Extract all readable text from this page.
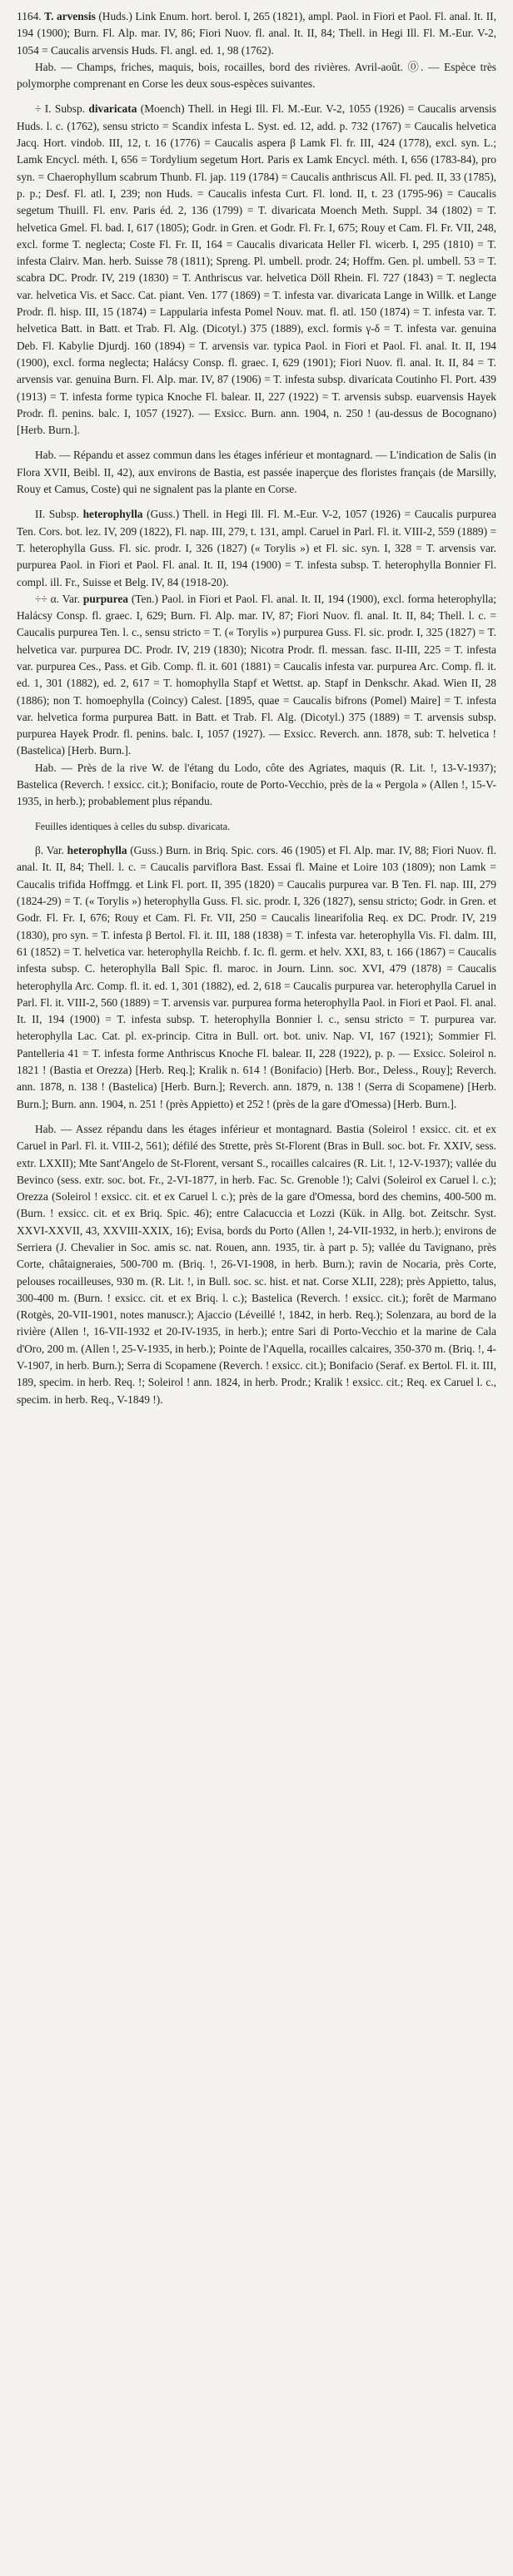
1164. T. arvensis (Huds.) Link Enum. hort. berol. I, 265 (1821), ampl. Paol. in Fiori et Paol. Fl. anal. It. II, 194 (1900); Burn. Fl. Alp. mar. IV, 86; Fiori Nuov. fl. anal. It. II, 84; Thell. in Hegi Ill. Fl. M.-Eur. V-2, 1054 = Caucalis arvensis Huds. Fl. angl. ed. 1, 98 (1762).

Hab. — Champs, friches, maquis, bois, rocailles, bord des rivières. Avril-août. ⓪. — Espèce très polymorphe comprenant en Corse les deux sous-espèces suivantes.

÷ I. Subsp. divaricata (Moench) Thell. in Hegi Ill. Fl. M.-Eur. V-2, 1055 (1926) = Caucalis arvensis Huds. l. c. (1762), sensu stricto = Scandix infesta L. Syst. ed. 12, add. p. 732 (1767) = Caucalis helvetica Jacq. Hort. vindob. III, 12, t. 16 (1776) = Caucalis aspera β Lamk Fl. fr. III, 424 (1778), excl. syn. L.; Lamk Encycl. méth. I, 656 = Tordylium segetum Hort. Paris ex Lamk Encycl. méth. I, 656 (1783-84), pro syn. = Chaerophyllum scabrum Thunb. Fl. jap. 119 (1784) = Caucalis anthriscus All. Fl. ped. II, 33 (1785), p. p.; Desf. Fl. atl. I, 239; non Huds. = Caucalis infesta Curt. Fl. lond. II, t. 23 (1795-96) = Caucalis segetum Thuill. Fl. env. Paris éd. 2, 136 (1799) = T. divaricata Moench Meth. Suppl. 34 (1802) = T. helvetica Gmel. Fl. bad. I, 617 (1805); Godr. in Gren. et Godr. Fl. Fr. I, 675; Rouy et Cam. Fl. Fr. VII, 248, excl. forme T. neglecta; Coste Fl. Fr. II, 164 = Caucalis divaricata Heller Fl. wicerb. I, 295 (1810) = T. infesta Clairv. Man. herb. Suisse 78 (1811); Spreng. Pl. umbell. prodr. 24; Hoffm. Gen. pl. umbell. 53 = T. scabra DC. Prodr. IV, 219 (1830) = T. Anthriscus var. helvetica Döll Rhein. Fl. 727 (1843) = T. neglecta var. helvetica Vis. et Sacc. Cat. piant. Ven. 177 (1869) = T. infesta var. divaricata Lange in Willk. et Lange Prodr. fl. hisp. III, 15 (1874) = Lappularia infesta Pomel Nouv. mat. fl. atl. 150 (1874) = T. infesta var. T. helvetica Batt. in Batt. et Trab. Fl. Alg. (Dicotyl.) 375 (1889), excl. formis γ-δ = T. infesta var. genuina Deb. Fl. Kabylie Djurdj. 160 (1894) = T. arvensis var. typica Paol. in Fiori et Paol. Fl. anal. It. II, 194 (1900), excl. forma neglecta; Halácsy Consp. fl. graec. I, 629 (1901); Fiori Nuov. fl. anal. It. II, 84 = T. arvensis var. genuina Burn. Fl. Alp. mar. IV, 87 (1906) = T. infesta subsp. divaricata Coutinho Fl. Port. 439 (1913) = T. infesta forme typica Knoche Fl. balear. II, 227 (1922) = T. arvensis subsp. euarvensis Hayek Prodr. fl. penins. balc. I, 1057 (1927). — Exsicc. Burn. ann. 1904, n. 250 ! (au-dessus de Bocognano) [Herb. Burn.].

Hab. — Répandu et assez commun dans les étages inférieur et montagnard. — L'indication de Salis (in Flora XVII, Beibl. II, 42), aux environs de Bastia, est passée inaperçue des floristes français (de Marsilly, Rouy et Camus, Coste) qui ne signalent pas la plante en Corse.

II. Subsp. heterophylla (Guss.) Thell. in Hegi Ill. Fl. M.-Eur. V-2, 1057 (1926) = Caucalis purpurea Ten. Cors. bot. lez. IV, 209 (1822), Fl. nap. III, 279, t. 131, ampl. Caruel in Parl. Fl. it. VIII-2, 559 (1889) = T. heterophylla Guss. Fl. sic. prodr. I, 326 (1827) (« Torylis ») et Fl. sic. syn. I, 328 = T. arvensis var. purpurea Paol. in Fiori et Paol. Fl. anal. It. II, 194 (1900) = T. infesta subsp. T. heterophylla Bonnier Fl. compl. ill. Fr., Suisse et Belg. IV, 84 (1918-20).

÷÷ α. Var. purpurea (Ten.) Paol. in Fiori et Paol. Fl. anal. It. II, 194 (1900), excl. forma heterophylla; Halácsy Consp. fl. graec. I, 629; Burn. Fl. Alp. mar. IV, 87; Fiori Nuov. fl. anal. It. II, 84; Thell. l. c. = Caucalis purpurea Ten. l. c., sensu stricto = T. (« Torylis ») purpurea Guss. Fl. sic. prodr. I, 325 (1827) = T. helvetica var. purpurea DC. Prodr. IV, 219 (1830); Nicotra Prodr. fl. messan. fasc. II-III, 225 = T. infesta var. purpurea Ces., Pass. et Gib. Comp. fl. it. 601 (1881) = Caucalis infesta var. purpurea Arc. Comp. fl. it. ed. 1, 301 (1882), ed. 2, 617 = T. homophylla Stapf et Wettst. ap. Stapf in Denkschr. Akad. Wien II, 28 (1886); non T. homoephylla (Coincy) Calest. [1895, quae = Caucalis bifrons (Pomel) Maire] = T. infesta var. helvetica forma purpurea Batt. in Batt. et Trab. Fl. Alg. (Dicotyl.) 375 (1889) = T. arvensis subsp. purpurea Hayek Prodr. fl. penins. balc. I, 1057 (1927). — Exsicc. Reverch. ann. 1878, sub: T. helvetica ! (Bastelica) [Herb. Burn.].

Hab. — Près de la rive W. de l'étang du Lodo, côte des Agriates, maquis (R. Lit. !, 13-V-1937); Bastelica (Reverch. ! exsicc. cit.); Bonifacio, route de Porto-Vecchio, près de la « Pergola » (Allen !, 15-V-1935, in herb.); probablement plus répandu.

Feuilles identiques à celles du subsp. divaricata.

β. Var. heterophylla (Guss.) Burn. in Briq. Spic. cors. 46 (1905) et Fl. Alp. mar. IV, 88; Fiori Nuov. fl. anal. It. II, 84; Thell. l. c. = Caucalis parviflora Bast. Essai fl. Maine et Loire 103 (1809); non Lamk = Caucalis trifida Hoffmgg. et Link Fl. port. II, 395 (1820) = Caucalis purpurea var. B Ten. Fl. nap. III, 279 (1824-29) = T. (« Torylis ») heterophylla Guss. Fl. sic. prodr. I, 326 (1827), sensu stricto; Godr. in Gren. et Godr. Fl. Fr. I, 676; Rouy et Cam. Fl. Fr. VII, 250 = Caucalis linearifolia Req. ex DC. Prodr. IV, 219 (1830), pro syn. = T. infesta β Bertol. Fl. it. III, 188 (1838) = T. infesta var. heterophylla Vis. Fl. dalm. III, 61 (1852) = T. helvetica var. heterophylla Reichb. f. Ic. fl. germ. et helv. XXI, 83, t. 166 (1867) = Caucalis infesta subsp. C. heterophylla Ball Spic. fl. maroc. in Journ. Linn. soc. XVI, 479 (1878) = Caucalis heterophylla Arc. Comp. fl. it. ed. 1, 301 (1882), ed. 2, 618 = Caucalis purpurea var. heterophylla Caruel in Parl. Fl. it. VIII-2, 560 (1889) = T. arvensis var. purpurea forma heterophylla Paol. in Fiori et Paol. Fl. anal. It. II, 194 (1900) = T. infesta subsp. T. heterophylla Bonnier l. c., sensu stricto = T. purpurea var. heterophylla Lac. Cat. pl. ex-princip. Citra in Bull. ort. bot. univ. Nap. VI, 167 (1921); Sommier Fl. Pantelleria 41 = T. infesta forme Anthriscus Knoche Fl. balear. II, 228 (1922), p. p. — Exsicc. Soleirol n. 1821 ! (Bastia et Orezza) [Herb. Req.]; Kralik n. 614 ! (Bonifacio) [Herb. Bor., Deless., Rouy]; Reverch. ann. 1878, n. 138 ! (Bastelica) [Herb. Burn.]; Reverch. ann. 1879, n. 138 ! (Serra di Scopamene) [Herb. Burn.]; Burn. ann. 1904, n. 251 ! (près Appietto) et 252 ! (près de la gare d'Omessa) [Herb. Burn.].

Hab. — Assez répandu dans les étages inférieur et montagnard. Bastia (Soleirol ! exsicc. cit. et ex Caruel in Parl. Fl. it. VIII-2, 561); défilé des Strette, près St-Florent (Bras in Bull. soc. bot. Fr. XXIV, sess. extr. LXXII); Mte Sant'Angelo de St-Florent, versant S., rocailles calcaires (R. Lit. !, 12-V-1937); vallée du Bevinco (sess. extr. soc. bot. Fr., 2-VI-1877, in herb. Fac. Sc. Grenoble !); Calvi (Soleirol ex Caruel l. c.); Orezza (Soleirol ! exsicc. cit. et ex Caruel l. c.); près de la gare d'Omessa, bord des chemins, 400-500 m. (Burn. ! exsicc. cit. et ex Briq. Spic. 46); entre Calacuccia et Lozzi (Kük. in Allg. bot. Zeitschr. Syst. XXVI-XXVII, 43, XXVIII-XXIX, 16); Evisa, bords du Porto (Allen !, 24-VII-1932, in herb.); environs de Serriera (J. Chevalier in Soc. amis sc. nat. Rouen, ann. 1935, tir. à part p. 5); vallée du Tavignano, près Corte, châtaigneraies, 500-700 m. (Briq. !, 26-VI-1908, in herb. Burn.); ravin de Nocaria, près Corte, pelouses rocailleuses, 930 m. (R. Lit. !, in Bull. soc. sc. hist. et nat. Corse XLII, 228); près Appietto, talus, 300-400 m. (Burn. ! exsicc. cit. et ex Briq. l. c.); Bastelica (Reverch. ! exsicc. cit.); forêt de Marmano (Rotgès, 20-VII-1901, notes manuscr.); Ajaccio (Léveillé !, 1842, in herb. Req.); Solenzara, au bord de la rivière (Allen !, 16-VII-1932 et 20-IV-1935, in herb.); entre Sari di Porto-Vecchio et la marine de Cala d'Oro, 200 m. (Allen !, 25-V-1935, in herb.); Pointe de l'Aquella, rocailles calcaires, 350-370 m. (Briq. !, 4-V-1907, in herb. Burn.); Serra di Scopamene (Reverch. ! exsicc. cit.); Bonifacio (Seraf. ex Bertol. Fl. it. III, 189, specim. in herb. Req. !; Soleirol ! ann. 1824, in herb. Prodr.; Kralik ! exsicc. cit.; Req. ex Caruel l. c., specim. in herb. Req., V-1849 !).
